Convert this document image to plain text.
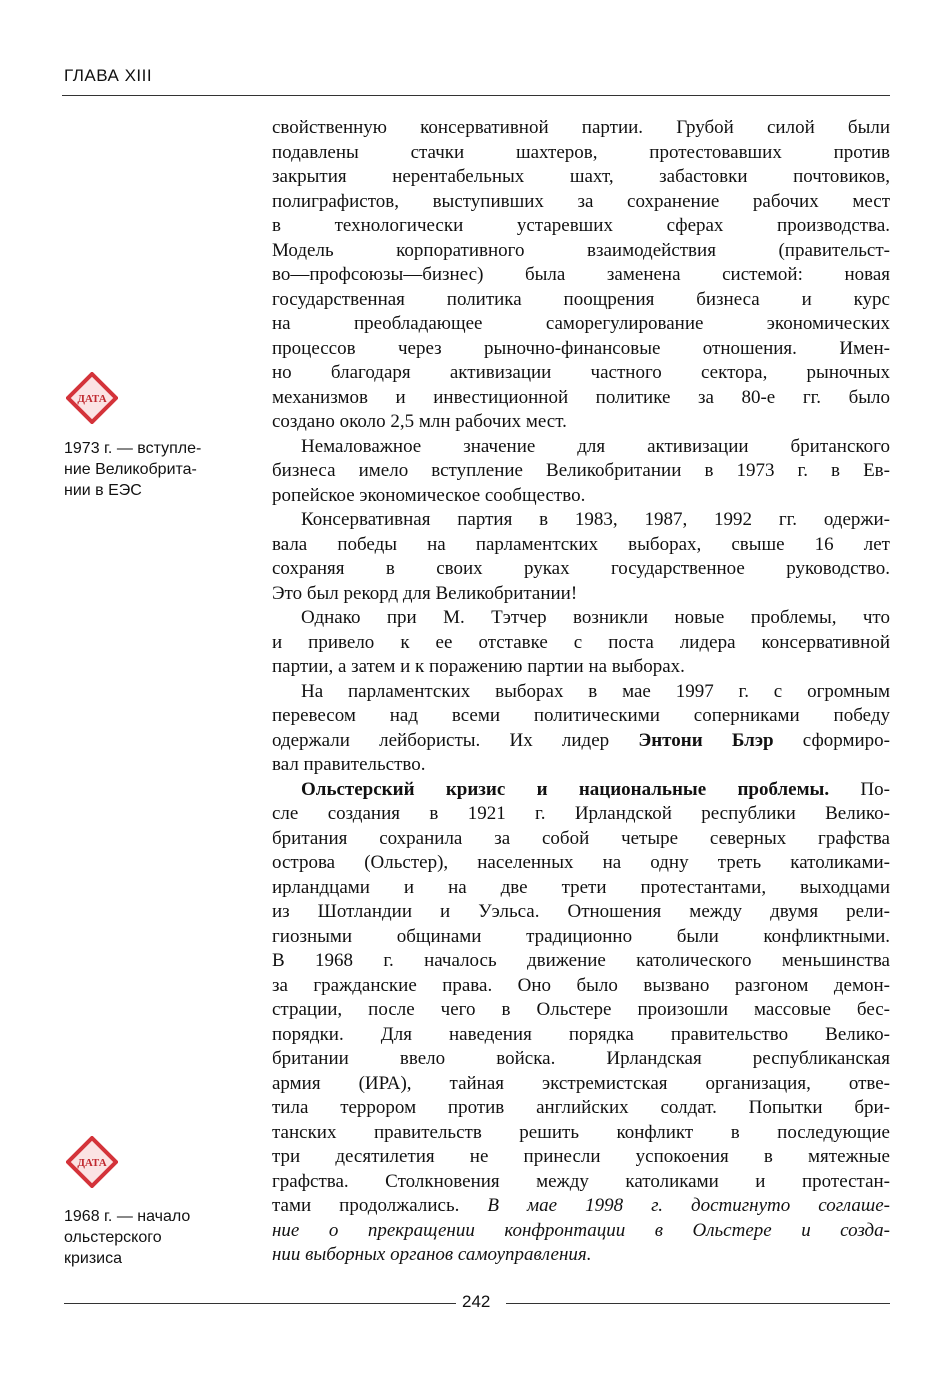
ГЛАВА XIII
ДАТА
1973 г. — вступле-
ние Великобрита-
нии в ЕЭС
ДАТА
1968 г. — начало
ольстерского
кризиса
свойственную консервативной партии. Грубой силой были
подавлены стачки шахтеров, протестовавших против
закрытия нерентабельных шахт, забастовки почтовиков,
полиграфистов, выступивших за сохранение рабочих мест
в технологически устаревших сферах производства.
Модель корпоративного взаимодействия (правительст-
во—профсоюзы—бизнес) была заменена системой: новая
государственная политика поощрения бизнеса и курс
на преобладающее саморегулирование экономических
процессов через рыночно-финансовые отношения. Имен-
но благодаря активизации частного сектора, рыночных
механизмов и инвестиционной политике за 80-е гг. было
создано около 2,5 млн рабочих мест.
Немаловажное значение для активизации британского
бизнеса имело вступление Великобритании в 1973 г. в Ев-
ропейское экономическое сообщество.
Консервативная партия в 1983, 1987, 1992 гг. одержи-
вала победы на парламентских выборах, свыше 16 лет
сохраняя в своих руках государственное руководство.
Это был рекорд для Великобритании!
Однако при М. Тэтчер возникли новые проблемы, что
и привело к ее отставке с поста лидера консервативной
партии, а затем и к поражению партии на выборах.
На парламентских выборах в мае 1997 г. с огромным
перевесом над всеми политическими соперниками победу
одержали лейбористы. Их лидер Энтони Блэр сформиро-
вал правительство.
Ольстерский кризис и национальные проблемы. По-
сле создания в 1921 г. Ирландской республики Велико-
британия сохранила за собой четыре северных графства
острова (Ольстер), населенных на одну треть католиками-
ирландцами и на две трети протестантами, выходцами
из Шотландии и Уэльса. Отношения между двумя рели-
гиозными общинами традиционно были конфликтными.
В 1968 г. началось движение католического меньшинства
за гражданские права. Оно было вызвано разгоном демон-
страции, после чего в Ольстере произошли массовые бес-
порядки. Для наведения порядка правительство Велико-
британии ввело войска. Ирландская республиканская
армия (ИРА), тайная экстремистская организация, отве-
тила террором против английских солдат. Попытки бри-
танских правительств решить конфликт в последующие
три десятилетия не принесли успокоения в мятежные
графства. Столкновения между католиками и протестан-
тами продолжались. В мае 1998 г. достигнуто соглаше-
ние о прекращении конфронтации в Ольстере и созда-
нии выборных органов самоуправления.
242
